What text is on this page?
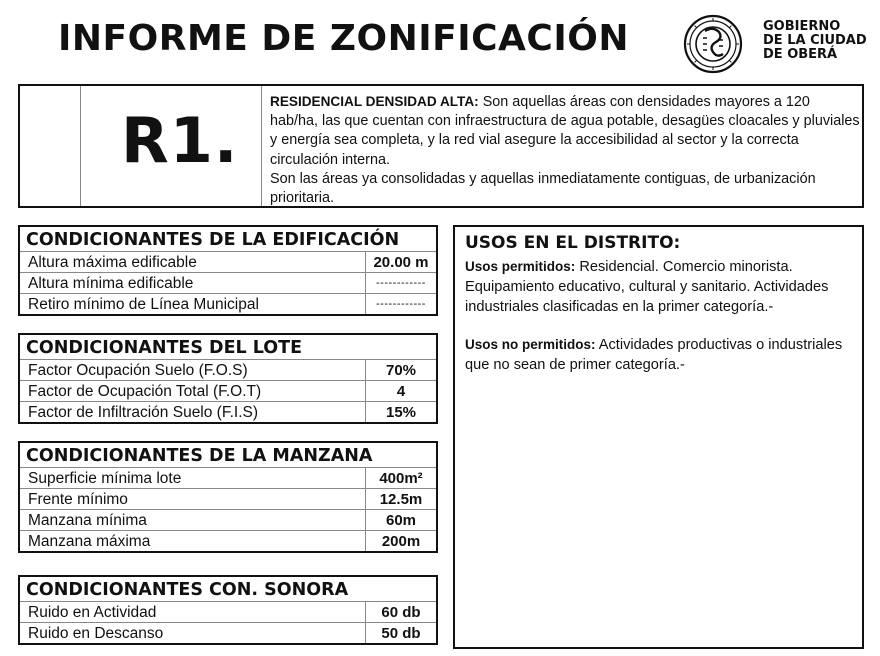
INFORME DE ZONIFICACIÓN	GOBIERNO
DE LA CIUDAD
DE OBERÁ
R1.
RESIDENCIAL DENSIDAD ALTA: Son aquellas áreas con densidades mayores a 120 hab/ha, las que cuentan con infraestructura de agua potable, desagües cloacales y pluviales y energía sea completa, y la red vial asegure la accesibilidad al sector y la correcta circulación interna.
Son las áreas ya consolidadas y aquellas inmediatamente contiguas, de urbanización prioritaria.
CONDICIONANTES DE LA EDIFICACIÓN
Altura máxima edificable	20.00 m
Altura mínima edificable	------------
Retiro mínimo de Línea Municipal	------------
CONDICIONANTES DEL LOTE
Factor Ocupación Suelo (F.O.S)	70%
Factor de Ocupación Total (F.O.T)	4
Factor de Infiltración Suelo (F.I.S)	15%
CONDICIONANTES DE LA MANZANA
Superficie mínima lote	400m²
Frente mínimo	12.5m
Manzana mínima	60m
Manzana máxima	200m
CONDICIONANTES CON. SONORA
Ruido en Actividad	60 db
Ruido en Descanso	50 db
USOS EN EL DISTRITO:

Usos permitidos: Residencial. Comercio minorista. Equipamiento educativo, cultural y sanitario. Actividades industriales clasificadas en la primer categoría.-

Usos no permitidos: Actividades productivas o industriales que no sean de primer categoría.-
